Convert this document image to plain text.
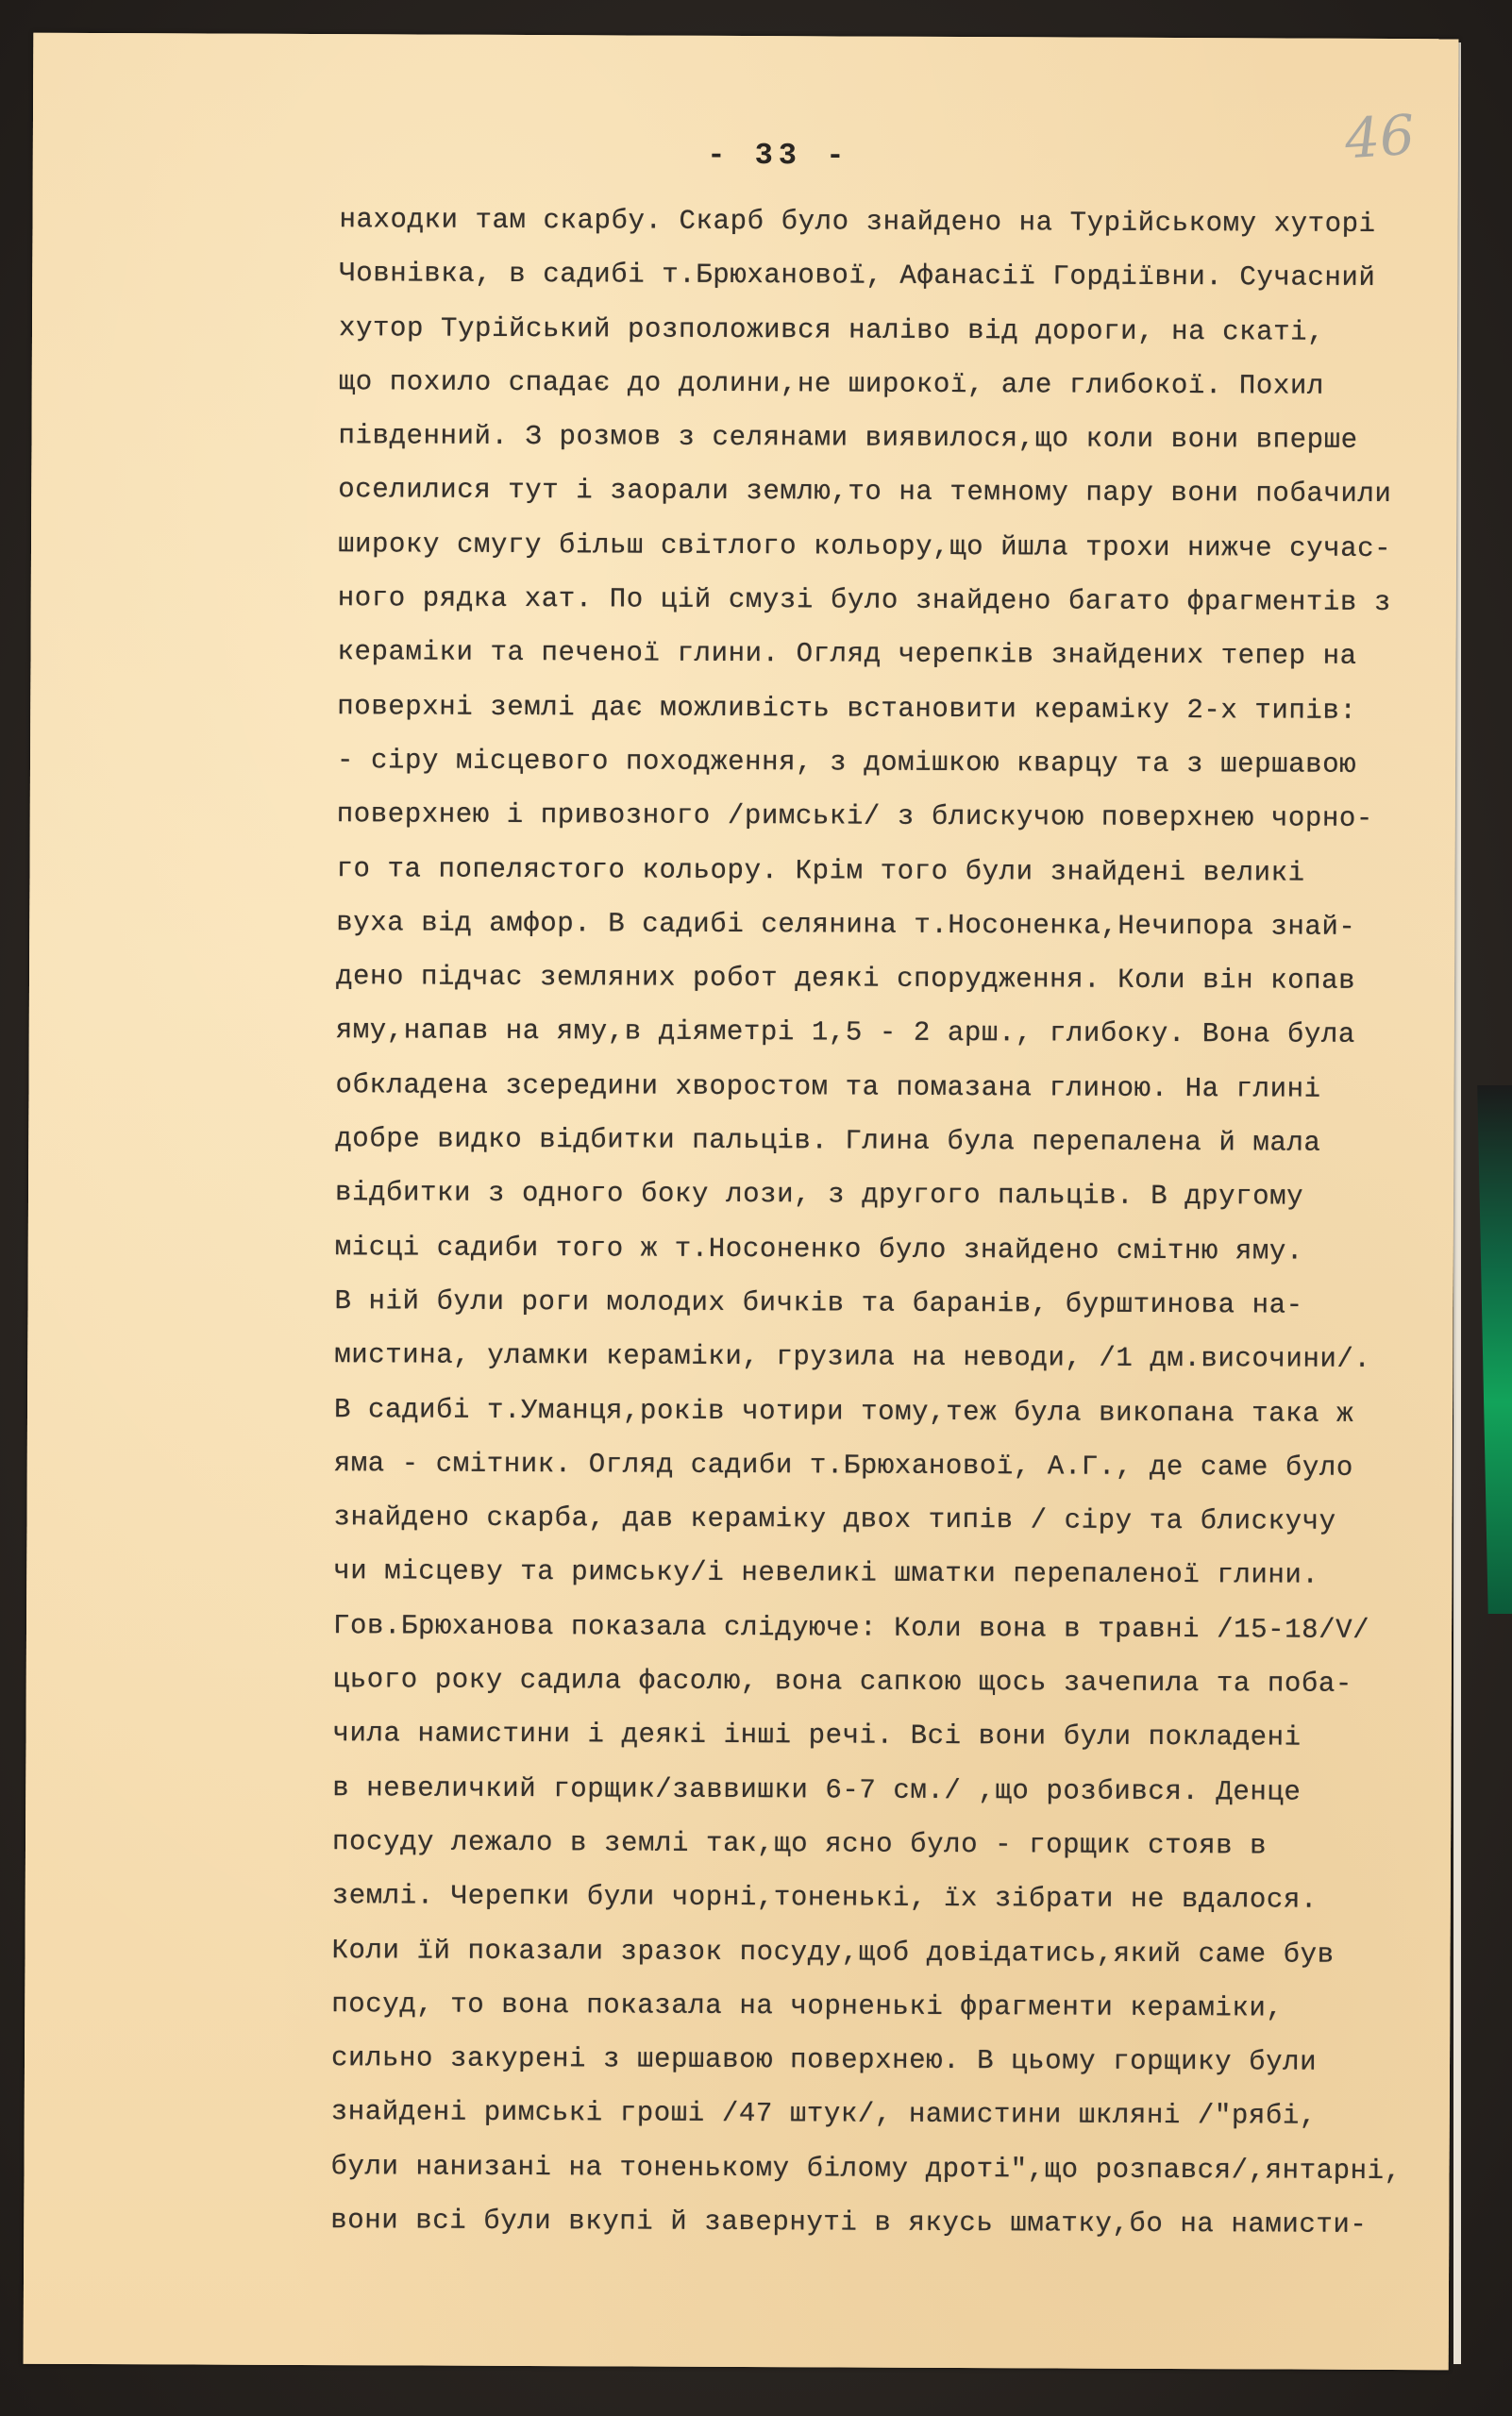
- 33 -	46
находки там скарбу. Скарб було знайдено на Турійському хуторі
Човнівка, в садибі т.Брюханової, Афанасії Гордіївни. Сучасний
хутор Турійський розположився наліво від дороги, на скаті,
що похило спадає до долини,не широкої, але глибокої. Похил
південний. З розмов з селянами виявилося,що коли вони вперше
оселилися тут і заорали землю,то на темному пару вони побачили
широку смугу більш світлого кольору,що йшла трохи нижче сучас-
ного рядка хат. По цій смузі було знайдено багато фрагментів з
кераміки та печеної глини. Огляд черепків знайдених тепер на
поверхні землі дає можливість встановити кераміку 2-х типів:
- сіру місцевого походження, з домішкою кварцу та з шершавою
поверхнею і привозного /римські/ з блискучою поверхнею чорно-
го та попелястого кольору. Крім того були знайдені великі
вуха від амфор. В садибі селянина т.Носоненка,Нечипора знай-
дено підчас земляних робот деякі спорудження. Коли він копав
яму,напав на яму,в діяметрі 1,5 - 2 арш., глибоку. Вона була
обкладена зсередини хворостом та помазана глиною. На глині
добре видко відбитки пальців. Глина була перепалена й мала
відбитки з одного боку лози, з другого пальців. В другому
місці садиби того ж т.Носоненко було знайдено смітню яму.
В ній були роги молодих бичків та баранів, бурштинова на-
мистина, уламки кераміки, грузила на неводи, /1 дм.височини/.
В садибі т.Уманця,років чотири тому,теж була викопана така ж
яма - смітник. Огляд садиби т.Брюханової, А.Г., де саме було
знайдено скарба, дав кераміку двох типів / сіру та блискучу
чи місцеву та римську/і невеликі шматки перепаленої глини.
Гов.Брюханова показала слідуюче: Коли вона в травні /15-18/V/
цього року садила фасолю, вона сапкою щось зачепила та поба-
чила намистини і деякі інші речі. Всі вони були покладені
в невеличкий горщик/заввишки 6-7 см./ ,що розбився. Денце
посуду лежало в землі так,що ясно було - горщик стояв в
землі. Черепки були чорні,тоненькі, їх зібрати не вдалося.
Коли їй показали зразок посуду,щоб довідатись,який саме був
посуд, то вона показала на чорненькі фрагменти кераміки,
сильно закурені з шершавою поверхнею. В цьому горщику були
знайдені римські гроші /47 штук/, намистини шкляні /"рябі,
були нанизані на тоненькому білому дроті",що розпався/,янтарні,
вони всі були вкупі й завернуті в якусь шматку,бо на намисти-
